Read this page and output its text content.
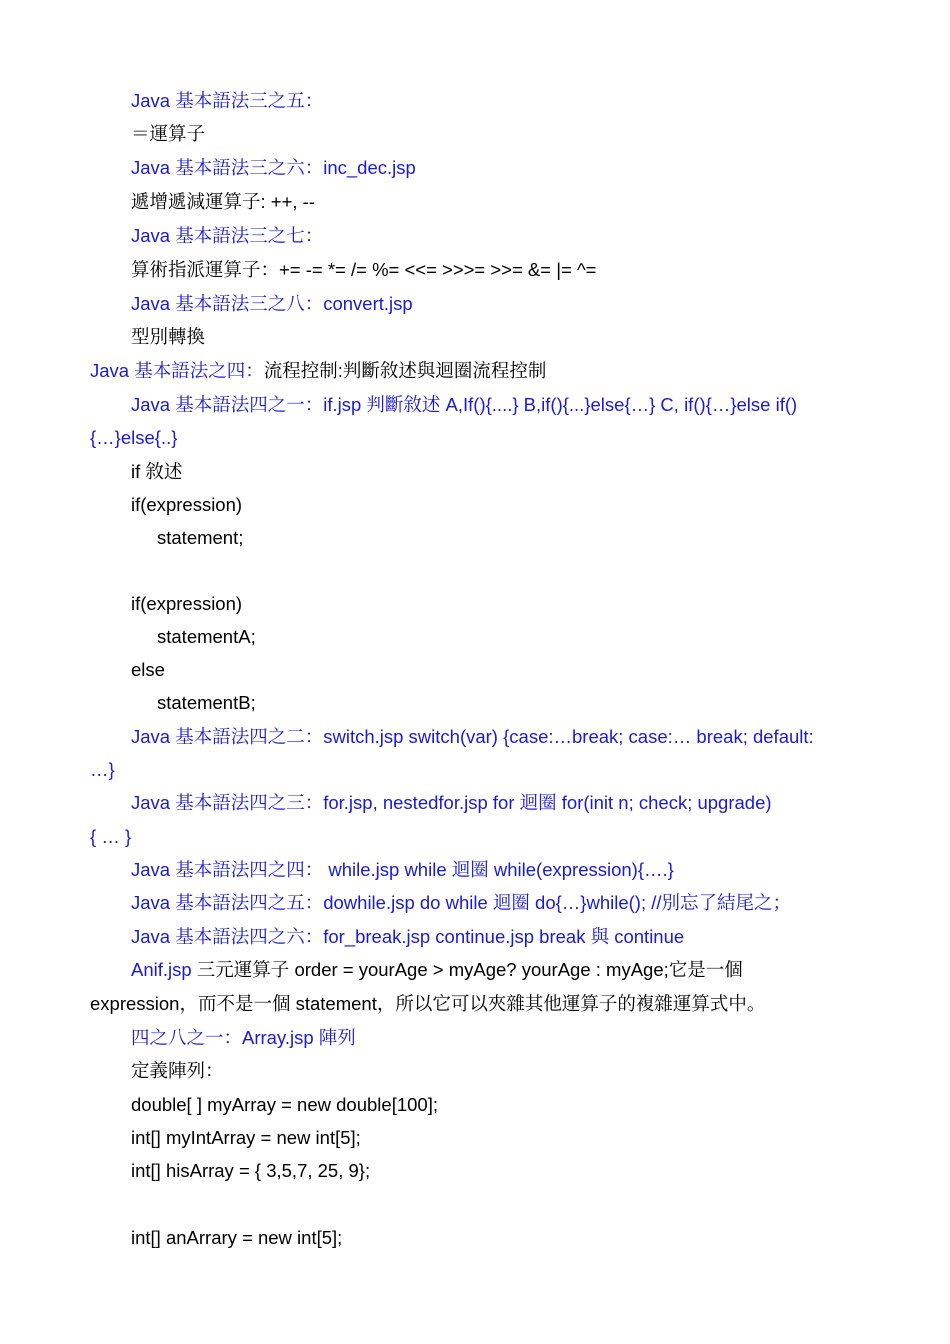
Java 基本語法三之五：
＝運算子
Java 基本語法三之六：inc_dec.jsp
遞增遞減運算子: ++, --
Java 基本語法三之七：
算術指派運算子：+= -= *= /= %= <<= >>>= >>= &= |= ^=
Java 基本語法三之八：convert.jsp
型別轉換
Java 基本語法之四：流程控制:判斷敘述與迴圈流程控制
Java 基本語法四之一：if.jsp 判斷敘述 A,If(){....} B,if(){...}else{…} C, if(){…}else if()
{…}else{..}
if 敘述
if(expression)
statement;
if(expression)
statementA;
else
statementB;
Java 基本語法四之二：switch.jsp switch(var) {case:…break; case:… break; default:
…}
Java 基本語法四之三：for.jsp, nestedfor.jsp for 迴圈 for(init n; check; upgrade)
{ … }
Java 基本語法四之四： while.jsp while 迴圈 while(expression){….}
Java 基本語法四之五：dowhile.jsp do while 迴圈 do{…}while(); //別忘了結尾之；
Java 基本語法四之六：for_break.jsp continue.jsp break 與 continue
Anif.jsp 三元運算子 order = yourAge > myAge? yourAge : myAge;它是一個
expression，而不是一個 statement，所以它可以夾雜其他運算子的複雜運算式中。
四之八之一：Array.jsp 陣列
定義陣列：
double[ ] myArray = new double[100];
int[] myIntArray = new int[5];
int[] hisArray = { 3,5,7, 25, 9};
int[] anArrary = new int[5];
